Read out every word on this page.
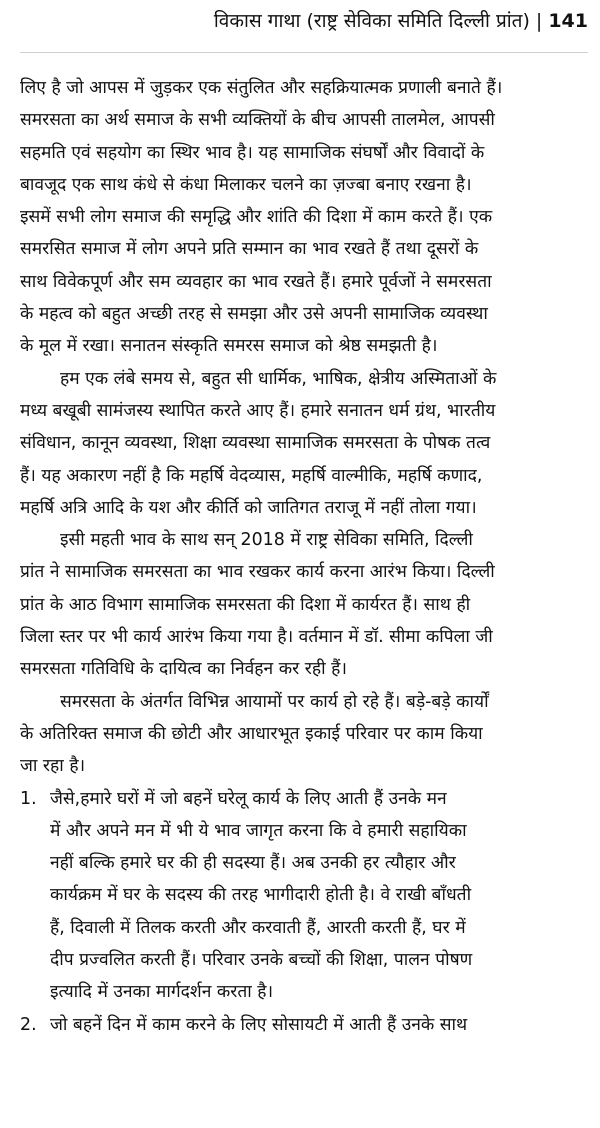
विकास गाथा (राष्ट्र सेविका समिति दिल्ली प्रांत) | 141
लिए है जो आपस में जुड़कर एक संतुलित और सहक्रियात्मक प्रणाली बनाते हैं।
समरसता का अर्थ समाज के सभी व्यक्तियों के बीच आपसी तालमेल, आपसी
सहमति एवं सहयोग का स्थिर भाव है। यह सामाजिक संघर्षों और विवादों के
बावजूद एक साथ कंधे से कंधा मिलाकर चलने का ज़ज्बा बनाए रखना है।
इसमें सभी लोग समाज की समृद्धि और शांति की दिशा में काम करते हैं। एक
समरसित समाज में लोग अपने प्रति सम्मान का भाव रखते हैं तथा दूसरों के
साथ विवेकपूर्ण और सम व्यवहार का भाव रखते हैं। हमारे पूर्वजों ने समरसता
के महत्व को बहुत अच्छी तरह से समझा और उसे अपनी सामाजिक व्यवस्था
के मूल में रखा। सनातन संस्कृति समरस समाज को श्रेष्ठ समझती है।
हम एक लंबे समय से, बहुत सी धार्मिक, भाषिक, क्षेत्रीय अस्मिताओं के
मध्य बखूबी सामंजस्य स्थापित करते आए हैं। हमारे सनातन धर्म ग्रंथ, भारतीय
संविधान, कानून व्यवस्था, शिक्षा व्यवस्था सामाजिक समरसता के पोषक तत्व
हैं। यह अकारण नहीं है कि महर्षि वेदव्यास, महर्षि वाल्मीकि, महर्षि कणाद,
महर्षि अत्रि आदि के यश और कीर्ति को जातिगत तराजू में नहीं तोला गया।
इसी महती भाव के साथ सन् 2018 में राष्ट्र सेविका समिति, दिल्ली
प्रांत ने सामाजिक समरसता का भाव रखकर कार्य करना आरंभ किया। दिल्ली
प्रांत के आठ विभाग सामाजिक समरसता की दिशा में कार्यरत हैं। साथ ही
जिला स्तर पर भी कार्य आरंभ किया गया है। वर्तमान में डॉ. सीमा कपिला जी
समरसता गतिविधि के दायित्व का निर्वहन कर रही हैं।
समरसता के अंतर्गत विभिन्न आयामों पर कार्य हो रहे हैं। बड़े-बड़े कार्यों
के अतिरिक्त समाज की छोटी और आधारभूत इकाई परिवार पर काम किया
जा रहा है।
1. जैसे,हमारे घरों में जो बहनें घरेलू कार्य के लिए आती हैं उनके मन
में और अपने मन में भी ये भाव जागृत करना कि वे हमारी सहायिका
नहीं बल्कि हमारे घर की ही सदस्या हैं। अब उनकी हर त्यौहार और
कार्यक्रम में घर के सदस्य की तरह भागीदारी होती है। वे राखी बाँधती
हैं, दिवाली में तिलक करती और करवाती हैं, आरती करती हैं, घर में
दीप प्रज्वलित करती हैं। परिवार उनके बच्चों की शिक्षा, पालन पोषण
इत्यादि में उनका मार्गदर्शन करता है।
2. जो बहनें दिन में काम करने के लिए सोसायटी में आती हैं उनके साथ
